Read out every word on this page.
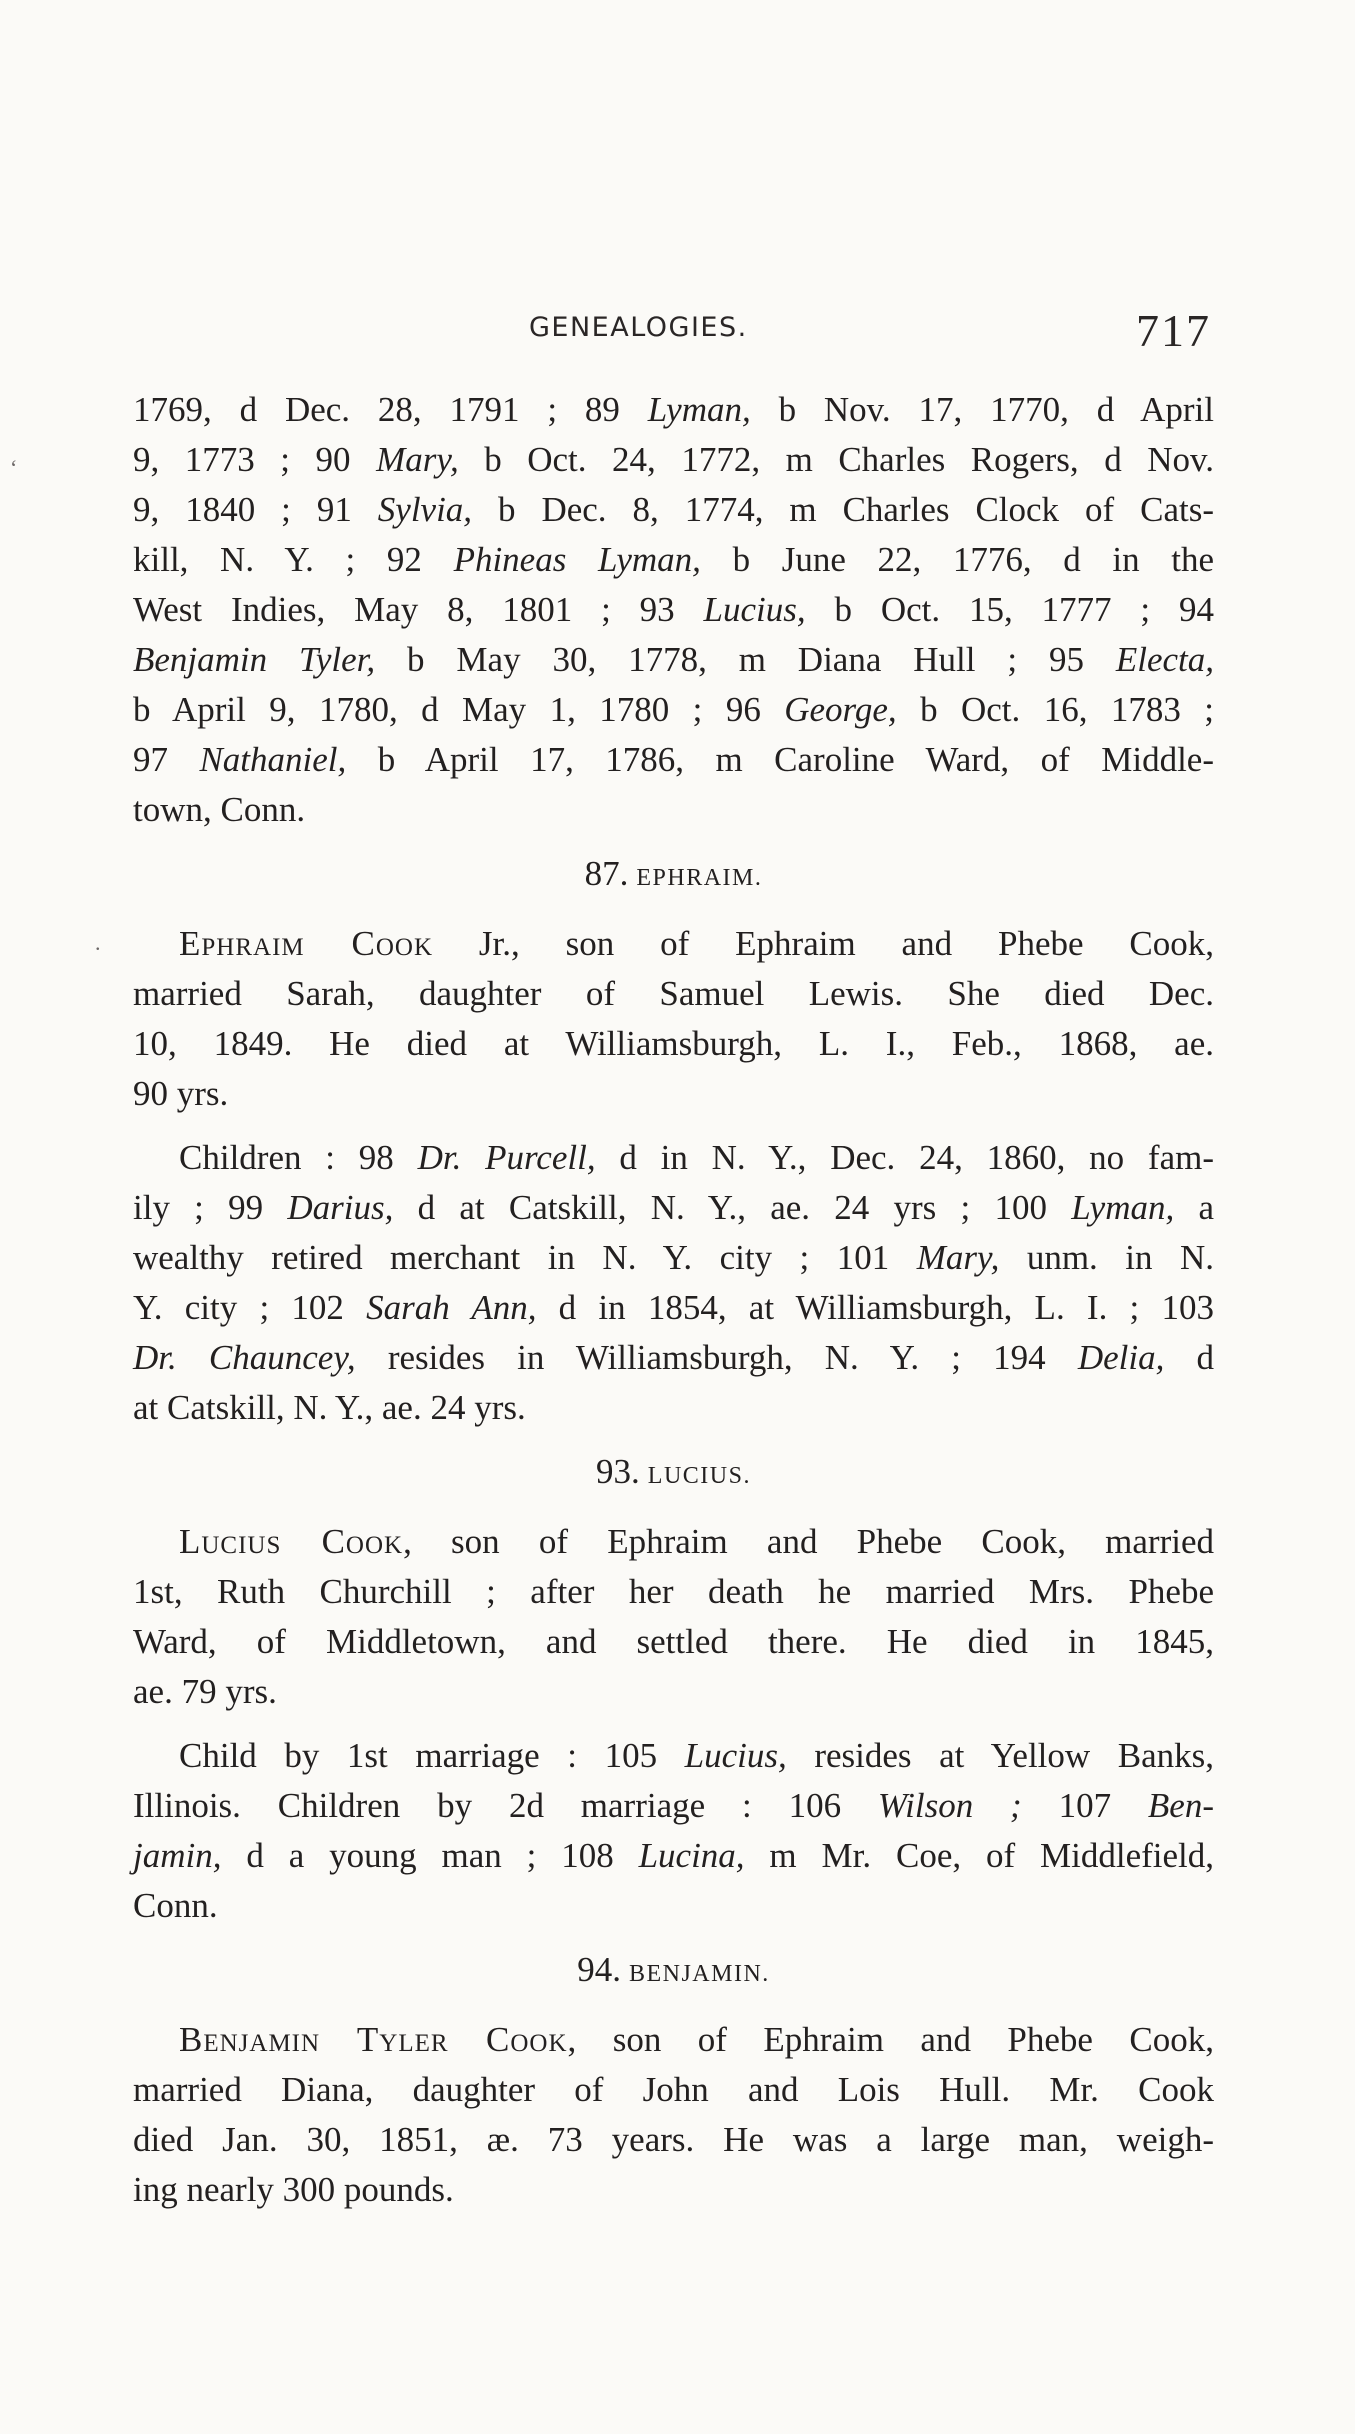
GENEALOGIES.	717
‘
.
1769, d Dec. 28, 1791 ; 89 Lyman, b Nov. 17, 1770, d April
9, 1773 ; 90 Mary, b Oct. 24, 1772, m Charles Rogers, d Nov.
9, 1840 ; 91 Sylvia, b Dec. 8, 1774, m Charles Clock of Cats-
kill, N. Y. ; 92 Phineas Lyman, b June 22, 1776, d in the
West Indies, May 8, 1801 ; 93 Lucius, b Oct. 15, 1777 ; 94
Benjamin Tyler, b May 30, 1778, m Diana Hull ; 95 Electa,
b April 9, 1780, d May 1, 1780 ; 96 George, b Oct. 16, 1783 ;
97 Nathaniel, b April 17, 1786, m Caroline Ward, of Middle-
town, Conn.
87. EPHRAIM.
Ephraim Cook Jr., son of Ephraim and Phebe Cook,
married Sarah, daughter of Samuel Lewis. She died Dec.
10, 1849. He died at Williamsburgh, L. I., Feb., 1868, ae.
90 yrs.
Children : 98 Dr. Purcell, d in N. Y., Dec. 24, 1860, no fam-
ily ; 99 Darius, d at Catskill, N. Y., ae. 24 yrs ; 100 Lyman, a
wealthy retired merchant in N. Y. city ; 101 Mary, unm. in N.
Y. city ; 102 Sarah Ann, d in 1854, at Williamsburgh, L. I. ; 103
Dr. Chauncey, resides in Williamsburgh, N. Y. ; 194 Delia, d
at Catskill, N. Y., ae. 24 yrs.
93. LUCIUS.
Lucius Cook, son of Ephraim and Phebe Cook, married
1st, Ruth Churchill ; after her death he married Mrs. Phebe
Ward, of Middletown, and settled there. He died in 1845,
ae. 79 yrs.
Child by 1st marriage : 105 Lucius, resides at Yellow Banks,
Illinois. Children by 2d marriage : 106 Wilson ; 107 Ben-
jamin, d a young man ; 108 Lucina, m Mr. Coe, of Middlefield,
Conn.
94. BENJAMIN.
Benjamin Tyler Cook, son of Ephraim and Phebe Cook,
married Diana, daughter of John and Lois Hull. Mr. Cook
died Jan. 30, 1851, æ. 73 years. He was a large man, weigh-
ing nearly 300 pounds.
